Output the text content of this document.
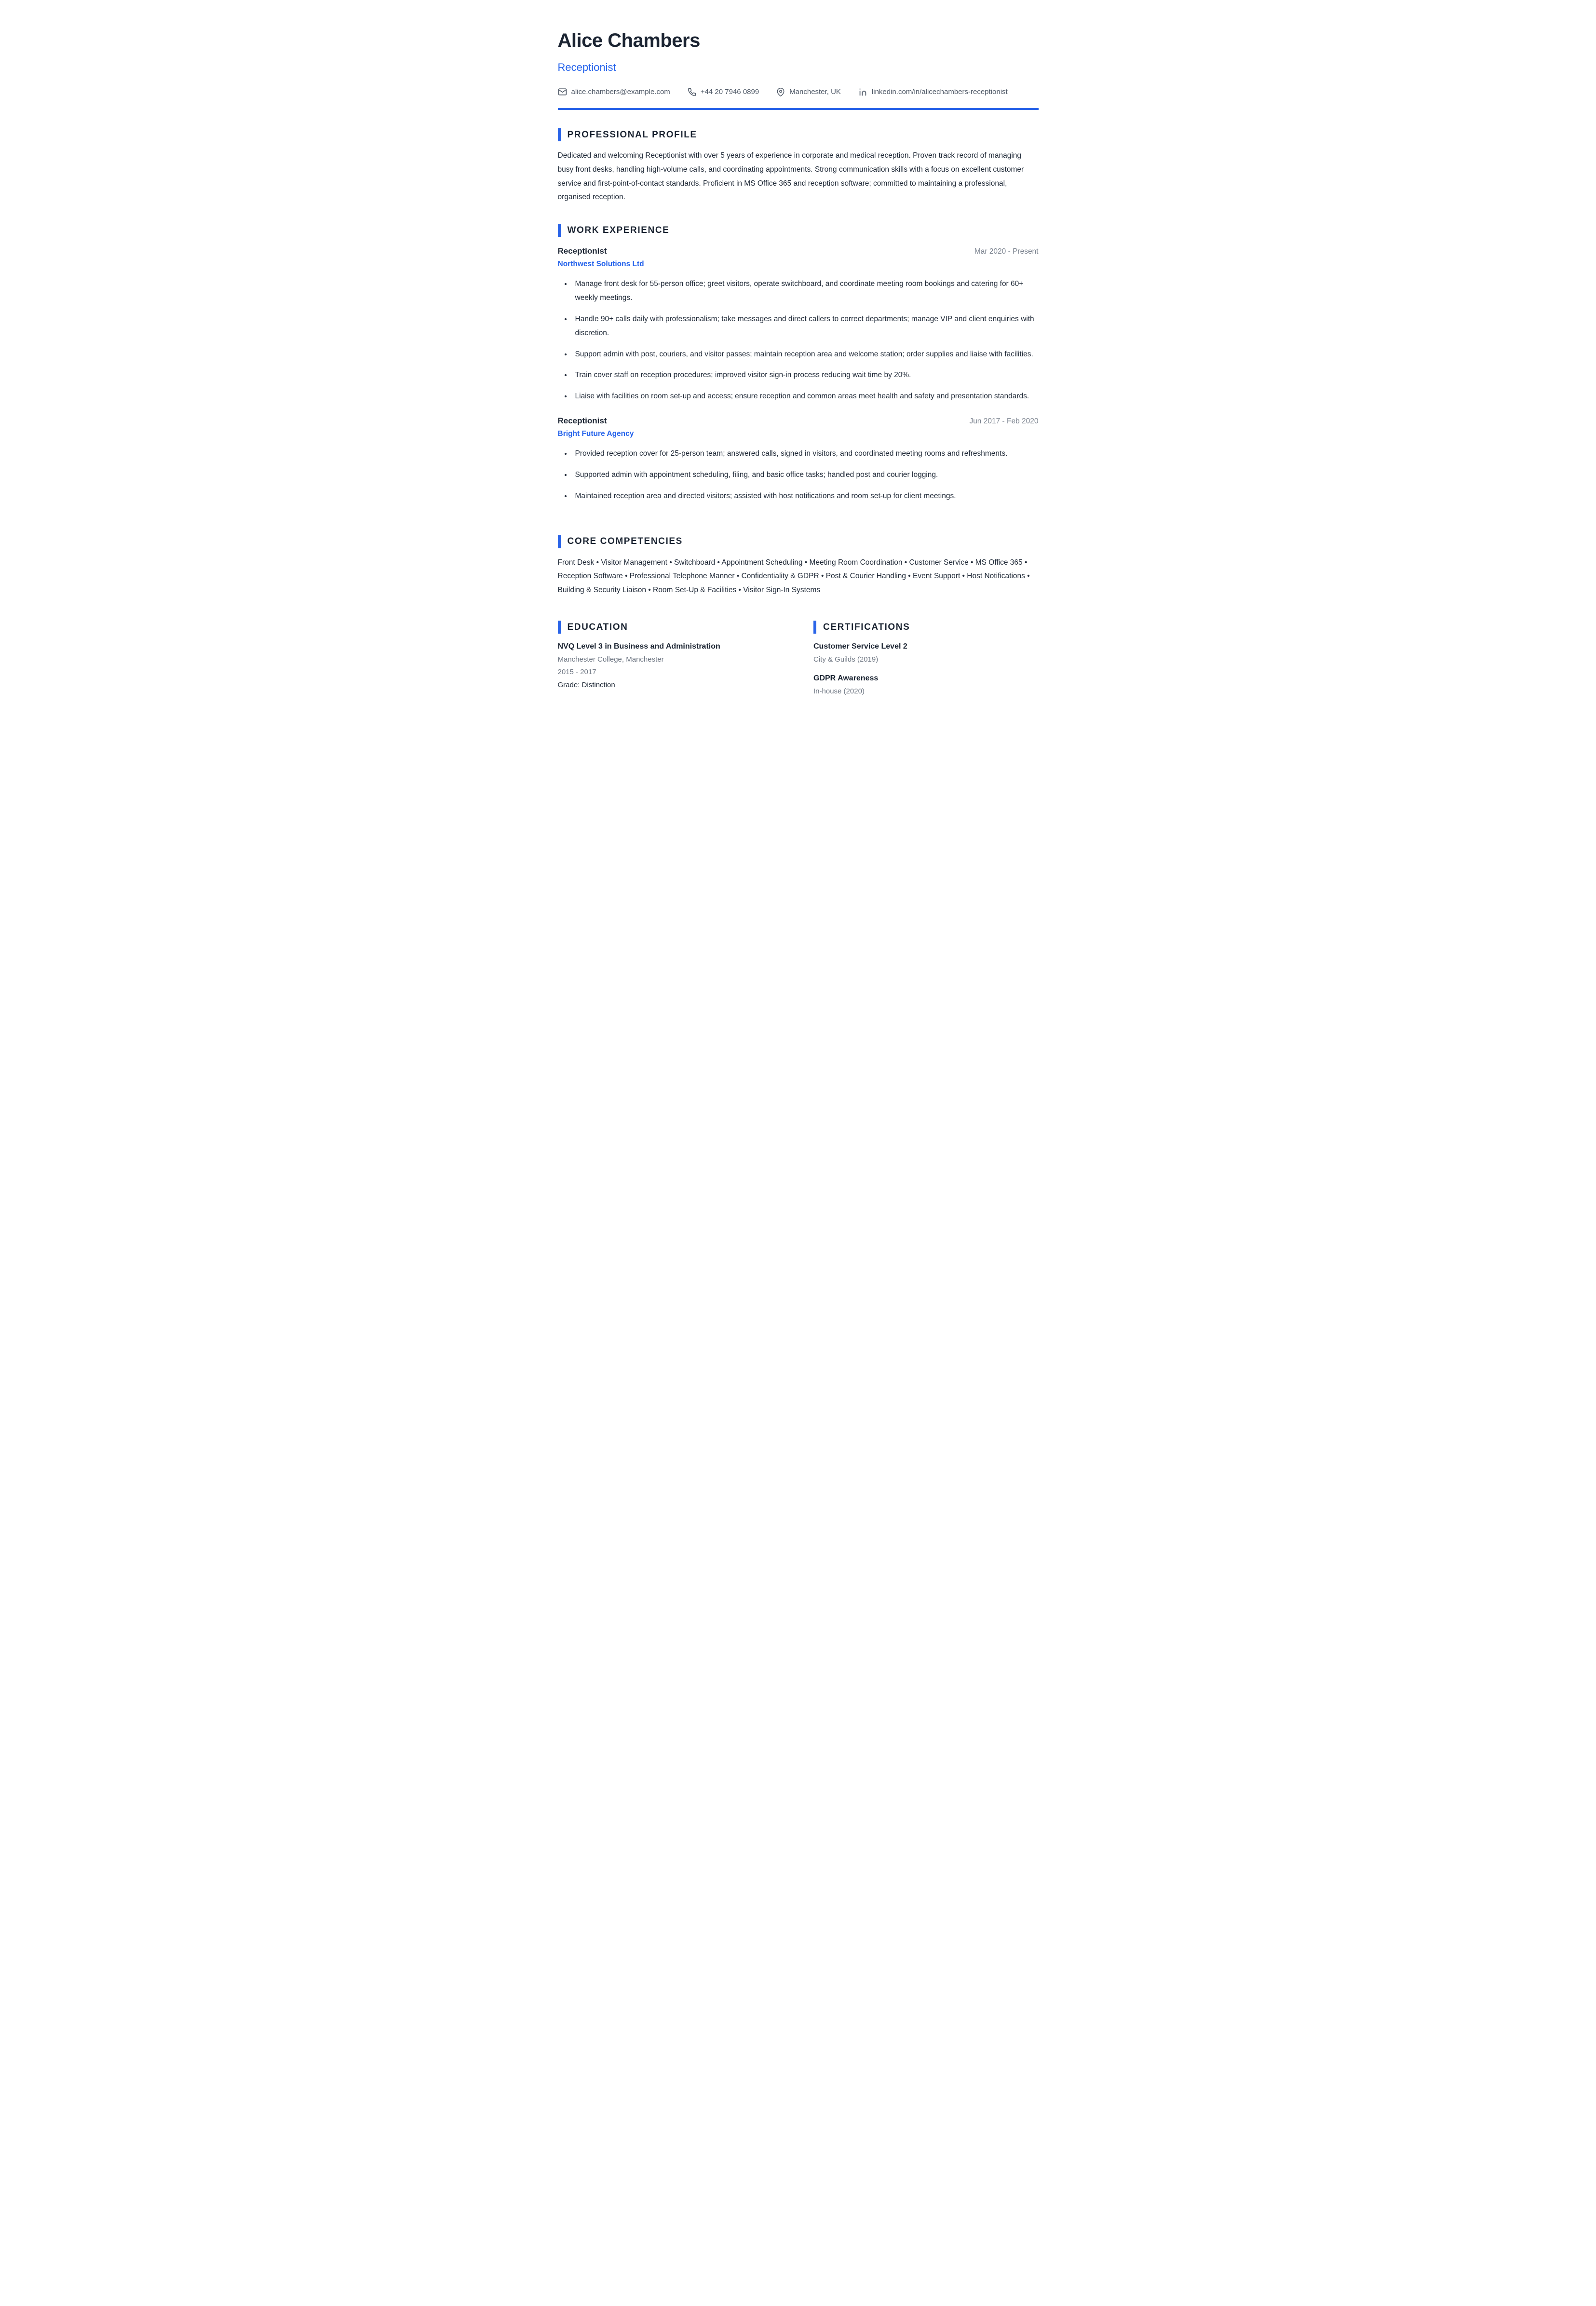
Alice Chambers
Receptionist
alice.chambers@example.com	+44 20 7946 0899	Manchester, UK	linkedin.com/in/alicechambers-receptionist
PROFESSIONAL PROFILE

Dedicated and welcoming Receptionist with over 5 years of experience in corporate and medical reception. Proven track record of managing busy front desks, handling high-volume calls, and coordinating appointments. Strong communication skills with a focus on excellent customer service and first-point-of-contact standards. Proficient in MS Office 365 and reception software; committed to maintaining a professional, organised reception.

WORK EXPERIENCE
Receptionist	Mar 2020 - Present
Northwest Solutions Ltd
• Manage front desk for 55-person office; greet visitors, operate switchboard, and coordinate meeting room bookings and catering for 60+ weekly meetings.
• Handle 90+ calls daily with professionalism; take messages and direct callers to correct departments; manage VIP and client enquiries with discretion.
• Support admin with post, couriers, and visitor passes; maintain reception area and welcome station; order supplies and liaise with facilities.
• Train cover staff on reception procedures; improved visitor sign-in process reducing wait time by 20%.
• Liaise with facilities on room set-up and access; ensure reception and common areas meet health and safety and presentation standards.
Receptionist	Jun 2017 - Feb 2020
Bright Future Agency
• Provided reception cover for 25-person team; answered calls, signed in visitors, and coordinated meeting rooms and refreshments.
• Supported admin with appointment scheduling, filing, and basic office tasks; handled post and courier logging.
• Maintained reception area and directed visitors; assisted with host notifications and room set-up for client meetings.
CORE COMPETENCIES

Front Desk • Visitor Management • Switchboard • Appointment Scheduling • Meeting Room Coordination • Customer Service • MS Office 365 • Reception Software • Professional Telephone Manner • Confidentiality & GDPR • Post & Courier Handling • Event Support • Host Notifications • Building & Security Liaison • Room Set-Up & Facilities • Visitor Sign-In Systems

EDUCATION
NVQ Level 3 in Business and Administration
Manchester College, Manchester
2015 - 2017
Grade: Distinction
CERTIFICATIONS
Customer Service Level 2
City & Guilds (2019)
GDPR Awareness
In-house (2020)
